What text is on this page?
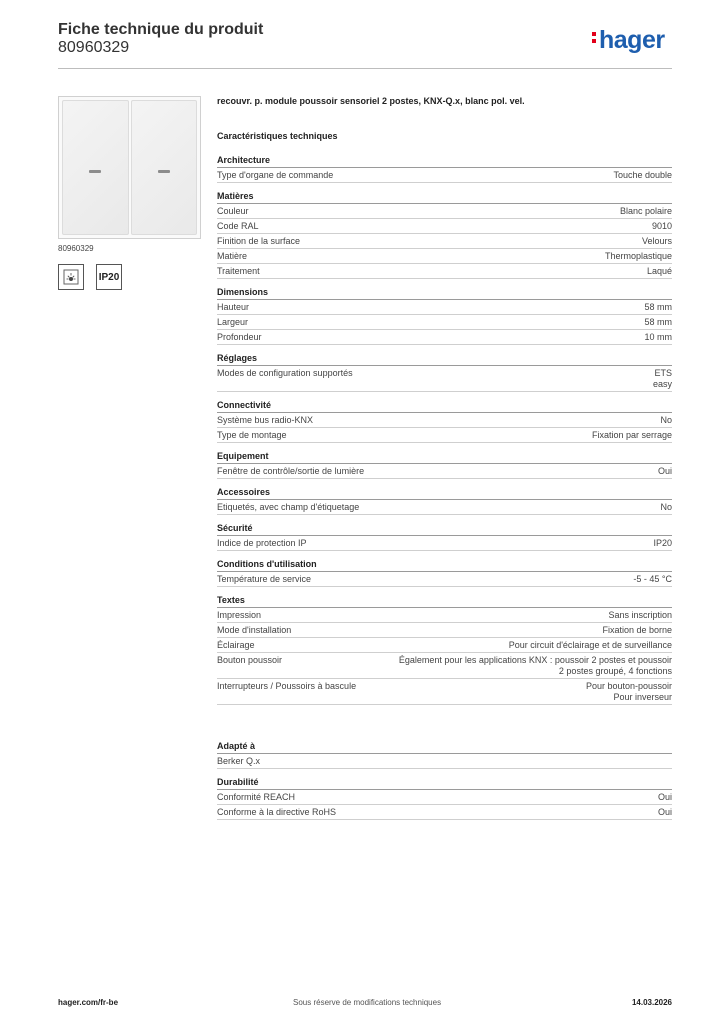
Fiche technique du produit
80960329	hager
80960329
IP20
recouvr. p. module poussoir sensoriel 2 postes, KNX-Q.x, blanc pol. vel.
Caractéristiques techniques
Architecture
Type d'organe de commande	Touche double
Matières
Couleur	Blanc polaire
Code RAL	9010
Finition de la surface	Velours
Matière	Thermoplastique
Traitement	Laqué
Dimensions
Hauteur	58 mm
Largeur	58 mm
Profondeur	10 mm
Réglages
Modes de configuration supportés	ETS
easy
Connectivité
Système bus radio-KNX	No
Type de montage	Fixation par serrage
Equipement
Fenêtre de contrôle/sortie de lumière	Oui
Accessoires
Etiquetés, avec champ d'étiquetage	No
Sécurité
Indice de protection IP	IP20
Conditions d'utilisation
Température de service	-5 - 45 °C
Textes
Impression	Sans inscription
Mode d'installation	Fixation de borne
Éclairage	Pour circuit d'éclairage et de surveillance
Bouton poussoir	Également pour les applications KNX : poussoir 2 postes et poussoir
2 postes groupé, 4 fonctions
Interrupteurs / Poussoirs à bascule	Pour bouton-poussoir
Pour inverseur
Adapté à
Berker Q.x
Durabilité
Conformité REACH	Oui
Conforme à la directive RoHS	Oui
hager.com/fr-be	Sous réserve de modifications techniques	14.03.2026
